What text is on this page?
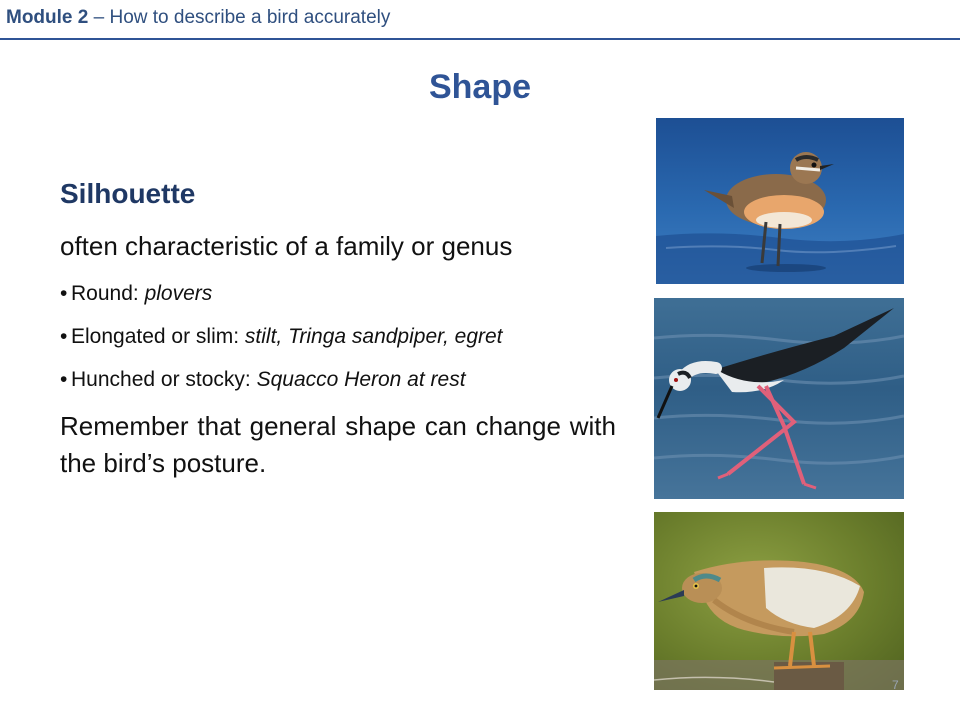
Module 2 – How to describe a bird accurately
Shape
Silhouette
often characteristic of a family or genus
• Round: plovers
• Elongated or slim: stilt, Tringa sandpiper, egret
• Hunched or stocky: Squacco Heron at rest
Remember that general shape can change with the bird’s posture.
7
